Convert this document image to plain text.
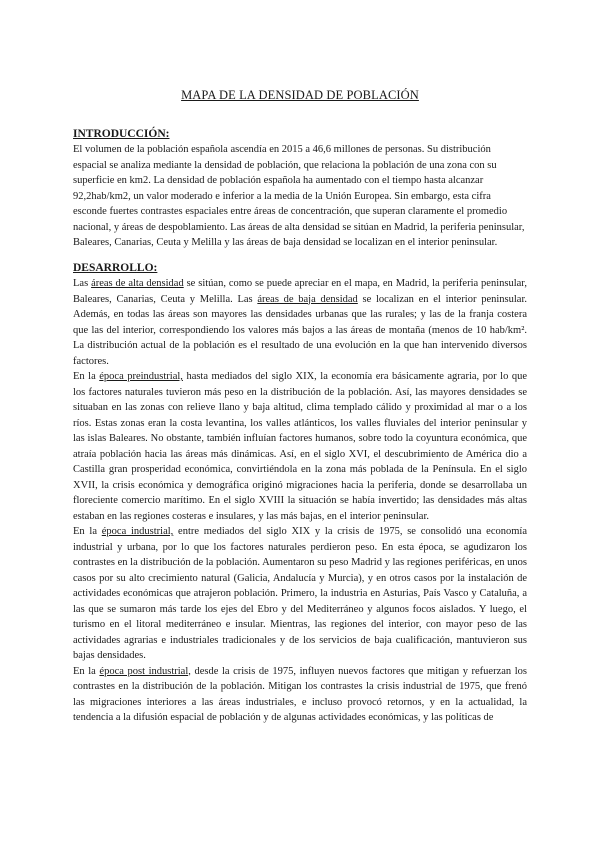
MAPA DE LA DENSIDAD DE POBLACIÓN
INTRODUCCIÓN:

El volumen de la población española ascendía en 2015 a 46,6 millones de personas. Su distribución espacial se analiza mediante la densidad de población, que relaciona la población de una zona con su superficie en km2. La densidad de población española ha aumentado con el tiempo hasta alcanzar 92,2hab/km2, un valor moderado e inferior a la media de la Unión Europea. Sin embargo, esta cifra esconde fuertes contrastes espaciales entre áreas de concentración, que superan claramente el promedio nacional, y áreas de despoblamiento. Las áreas de alta densidad se sitúan en Madrid, la periferia peninsular, Baleares, Canarias, Ceuta y Melilla y las áreas de baja densidad se localizan en el interior peninsular.

DESARROLLO:

Las áreas de alta densidad se sitúan, como se puede apreciar en el mapa, en Madrid, la periferia peninsular, Baleares, Canarias, Ceuta y Melilla. Las áreas de baja densidad se localizan en el interior peninsular. Además, en todas las áreas son mayores las densidades urbanas que las rurales; y las de la franja costera que las del interior, correspondiendo los valores más bajos a las áreas de montaña (menos de 10 hab/km². La distribución actual de la población es el resultado de una evolución en la que han intervenido diversos factores.

En la época preindustrial, hasta mediados del siglo XIX, la economía era básicamente agraria, por lo que los factores naturales tuvieron más peso en la distribución de la población. Así, las mayores densidades se situaban en las zonas con relieve llano y baja altitud, clima templado cálido y proximidad al mar o a los ríos. Estas zonas eran la costa levantina, los valles atlánticos, los valles fluviales del interior peninsular y las islas Baleares. No obstante, también influían factores humanos, sobre todo la coyuntura económica, que atraía población hacia las áreas más dinámicas. Así, en el siglo XVI, el descubrimiento de América dio a Castilla gran prosperidad económica, convirtiéndola en la zona más poblada de la Península. En el siglo XVII, la crisis económica y demográfica originó migraciones hacia la periferia, donde se desarrollaba un floreciente comercio marítimo. En el siglo XVIII la situación se había invertido; las densidades más altas estaban en las regiones costeras e insulares, y las más bajas, en el interior peninsular.

En la época industrial, entre mediados del siglo XIX y la crisis de 1975, se consolidó una economía industrial y urbana, por lo que los factores naturales perdieron peso. En esta época, se agudizaron los contrastes en la distribución de la población. Aumentaron su peso Madrid y las regiones periféricas, en unos casos por su alto crecimiento natural (Galicia, Andalucía y Murcia), y en otros casos por la instalación de actividades económicas que atrajeron población. Primero, la industria en Asturias, País Vasco y Cataluña, a las que se sumaron más tarde los ejes del Ebro y del Mediterráneo y algunos focos aislados. Y luego, el turismo en el litoral mediterráneo e insular. Mientras, las regiones del interior, con mayor peso de las actividades agrarias e industriales tradicionales y de los servicios de baja cualificación, mantuvieron sus bajas densidades.

En la época post industrial, desde la crisis de 1975, influyen nuevos factores que mitigan y refuerzan los contrastes en la distribución de la población. Mitigan los contrastes la crisis industrial de 1975, que frenó las migraciones interiores a las áreas industriales, e incluso provocó retornos, y en la actualidad, la tendencia a la difusión espacial de población y de algunas actividades económicas, y las políticas de
